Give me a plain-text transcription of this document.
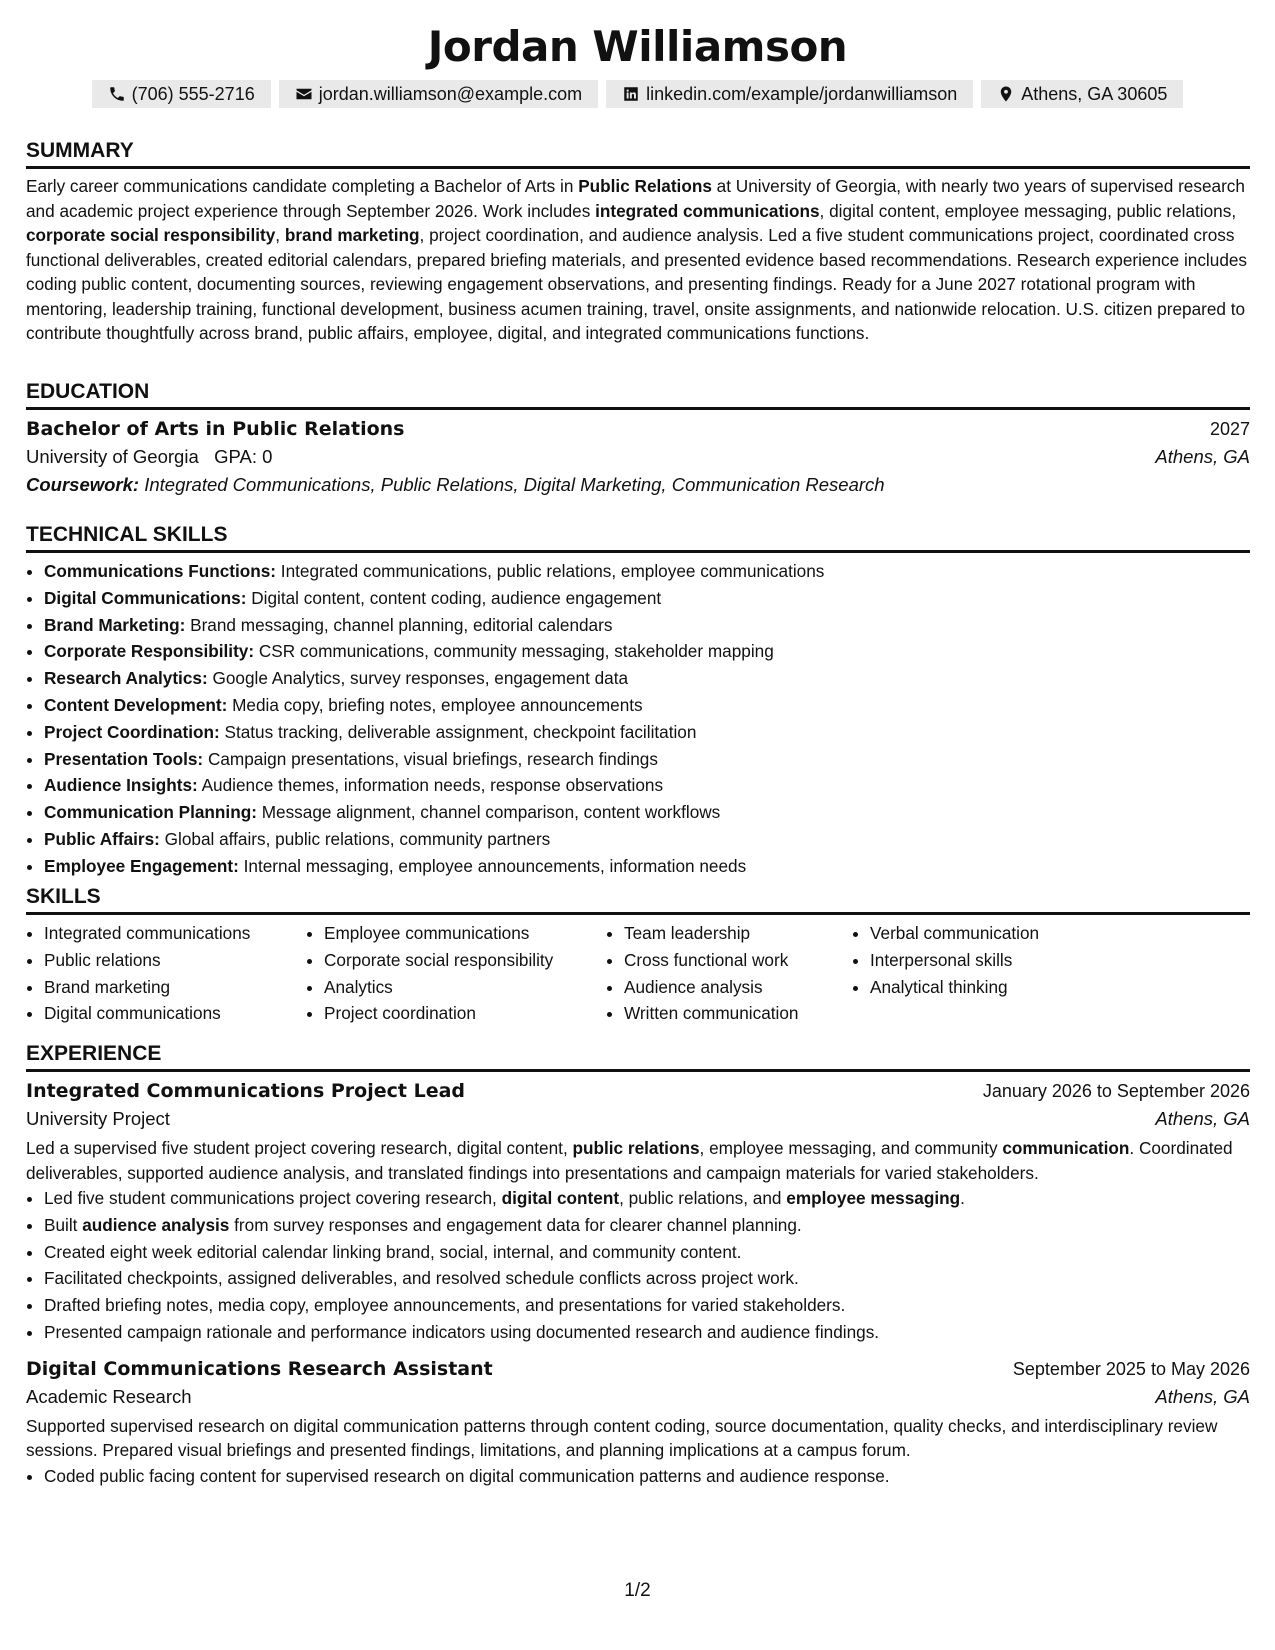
Jordan Williamson
(706) 555-2716	jordan.williamson@example.com	linkedin.com/example/jordanwilliamson	Athens, GA 30605
SUMMARY

Early career communications candidate completing a Bachelor of Arts in Public Relations at University of Georgia, with nearly two years of supervised research and academic project experience through September 2026. Work includes integrated communications, digital content, employee messaging, public relations, corporate social responsibility, brand marketing, project coordination, and audience analysis. Led a five student communications project, coordinated cross functional deliverables, created editorial calendars, prepared briefing materials, and presented evidence based recommendations. Research experience includes coding public content, documenting sources, reviewing engagement observations, and presenting findings. Ready for a June 2027 rotational program with mentoring, leadership training, functional development, business acumen training, travel, onsite assignments, and nationwide relocation. U.S. citizen prepared to contribute thoughtfully across brand, public affairs, employee, digital, and integrated communications functions.

EDUCATION
Bachelor of Arts in Public Relations	2027
University of Georgia GPA: 0	Athens, GA
Coursework: Integrated Communications, Public Relations, Digital Marketing, Communication Research
TECHNICAL SKILLS
• Communications Functions: Integrated communications, public relations, employee communications
• Digital Communications: Digital content, content coding, audience engagement
• Brand Marketing: Brand messaging, channel planning, editorial calendars
• Corporate Responsibility: CSR communications, community messaging, stakeholder mapping
• Research Analytics: Google Analytics, survey responses, engagement data
• Content Development: Media copy, briefing notes, employee announcements
• Project Coordination: Status tracking, deliverable assignment, checkpoint facilitation
• Presentation Tools: Campaign presentations, visual briefings, research findings
• Audience Insights: Audience themes, information needs, response observations
• Communication Planning: Message alignment, channel comparison, content workflows
• Public Affairs: Global affairs, public relations, community partners
• Employee Engagement: Internal messaging, employee announcements, information needs
SKILLS
• Integrated communications
• Public relations
• Brand marketing
• Digital communications
• Employee communications
• Corporate social responsibility
• Analytics
• Project coordination
• Team leadership
• Cross functional work
• Audience analysis
• Written communication
• Verbal communication
• Interpersonal skills
• Analytical thinking
EXPERIENCE
Integrated Communications Project Lead	January 2026 to September 2026
University Project	Athens, GA

Led a supervised five student project covering research, digital content, public relations, employee messaging, and community communication. Coordinated deliverables, supported audience analysis, and translated findings into presentations and campaign materials for varied stakeholders.

• Led five student communications project covering research, digital content, public relations, and employee messaging.
• Built audience analysis from survey responses and engagement data for clearer channel planning.
• Created eight week editorial calendar linking brand, social, internal, and community content.
• Facilitated checkpoints, assigned deliverables, and resolved schedule conflicts across project work.
• Drafted briefing notes, media copy, employee announcements, and presentations for varied stakeholders.
• Presented campaign rationale and performance indicators using documented research and audience findings.
Digital Communications Research Assistant	September 2025 to May 2026
Academic Research	Athens, GA

Supported supervised research on digital communication patterns through content coding, source documentation, quality checks, and interdisciplinary review sessions. Prepared visual briefings and presented findings, limitations, and planning implications at a campus forum.

• Coded public facing content for supervised research on digital communication patterns and audience response.
1/2
